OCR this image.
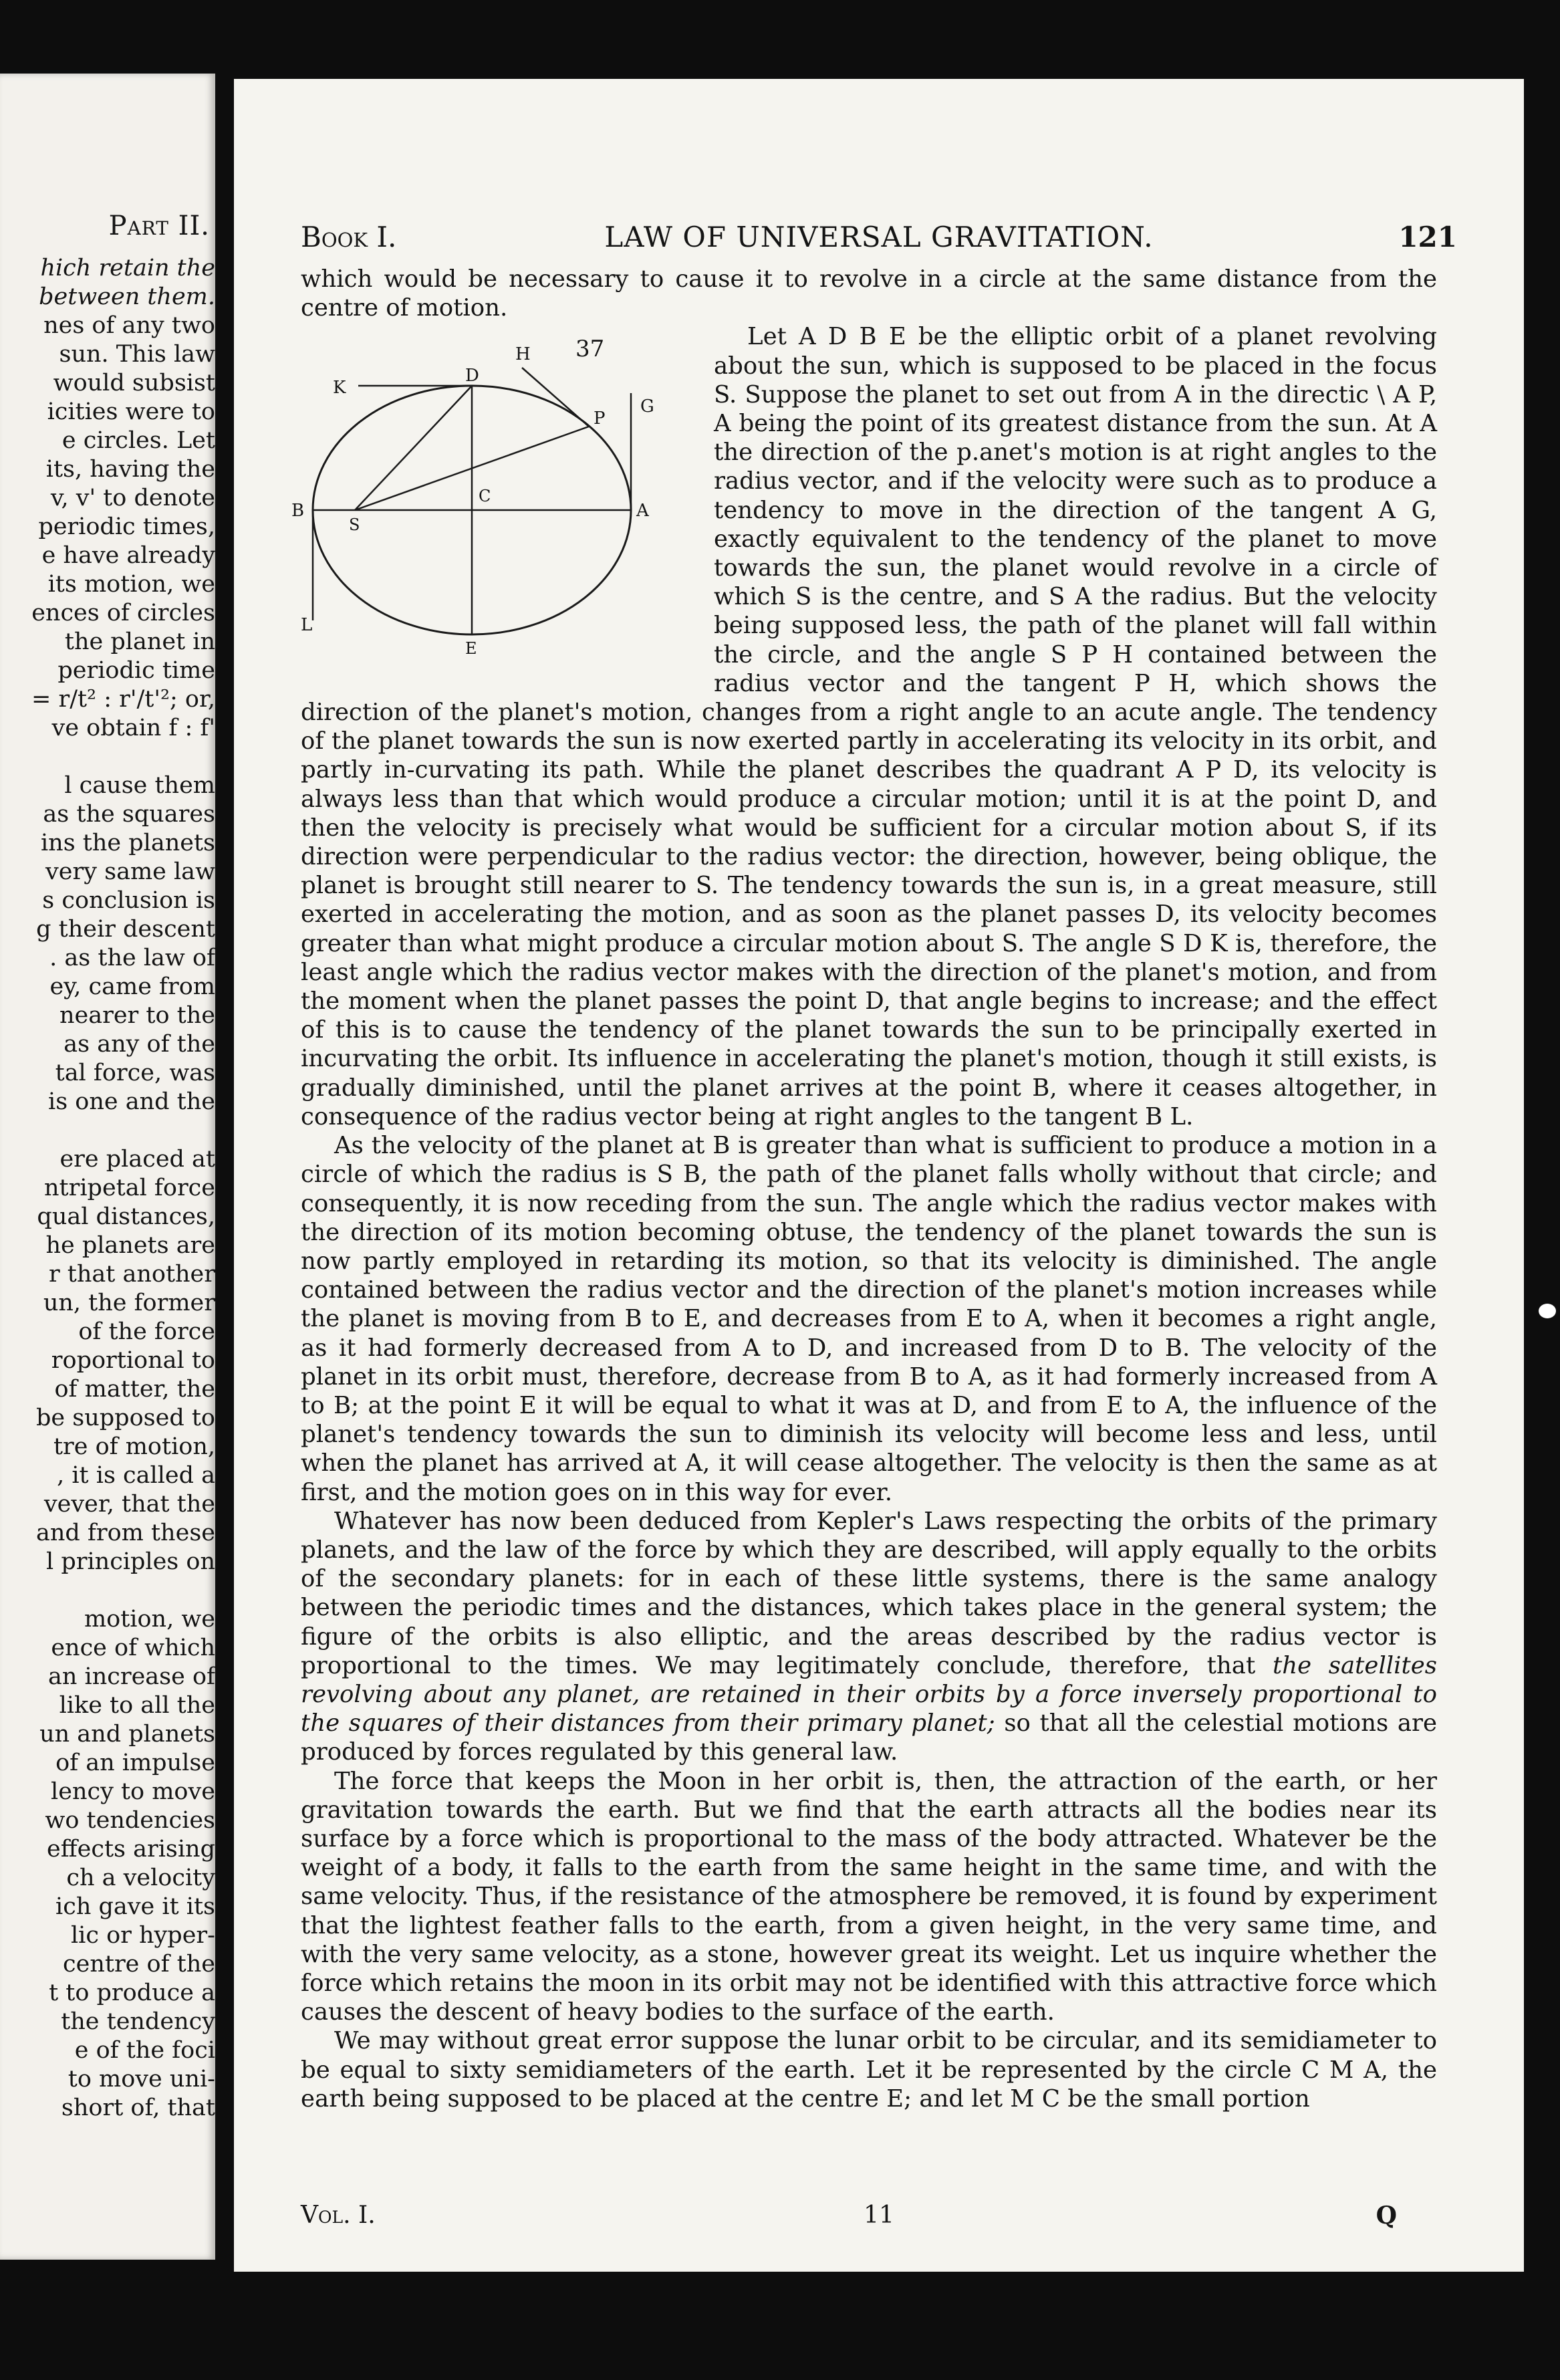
Part II.
hich retain the
between them.
nes of any two
sun. This law
would subsist
icities were to
e circles. Let
its, having the
v, v' to denote
periodic times,
e have already
its motion, we
ences of circles
the planet in
periodic time
= r/t² : r'/t'²; or,
ve obtain f : f'
l cause them
as the squares
ins the planets
very same law
s conclusion is
g their descent
. as the law of
ey, came from
nearer to the
as any of the
tal force, was
is one and the
ere placed at
ntripetal force
qual distances,
he planets are
r that another
un, the former
of the force
roportional to
of matter, the
be supposed to
tre of motion,
, it is called a
vever, that the
and from these
l principles on
motion, we
ence of which
an increase of
like to all the
un and planets
of an impulse
lency to move
wo tendencies
effects arising
ch a velocity
ich gave it its
lic or hyper-
centre of the
t to produce a
the tendency
e of the foci
to move uni-
short of, that
Book I.	LAW OF UNIVERSAL GRAVITATION.	121

which would be necessary to cause it to revolve in a circle at the same distance from the centre of motion.

37
H
K
D
P
G
B
S
C
A
L
E
Let A D B E be the elliptic orbit of a planet revolving about the sun, which is supposed to be placed in the focus S. Suppose the planet to set out from A in the directic \ A P, A being the point of its greatest distance from the sun. At A the direction of the p.anet's motion is at right angles to the radius vector, and if the velocity were such as to produce a tendency to move in the direction of the tangent A G, exactly equivalent to the tendency of the planet to move towards the sun, the planet would revolve in a circle of which S is the centre, and S A the radius. But the velocity being supposed less, the path of the planet will fall within the circle, and the angle S P H contained between the radius vector and the tangent P H, which shows the direction of the planet's motion, changes from a right angle to an acute angle. The tendency of the planet towards the sun is now exerted partly in accelerating its velocity in its orbit, and partly in-curvating its path. While the planet describes the quadrant A P D, its velocity is always less than that which would produce a circular motion; until it is at the point D, and then the velocity is precisely what would be sufficient for a circular motion about S, if its direction were perpendicular to the radius vector: the direction, however, being oblique, the planet is brought still nearer to S. The tendency towards the sun is, in a great measure, still exerted in accelerating the motion, and as soon as the planet passes D, its velocity becomes greater than what might produce a circular motion about S. The angle S D K is, therefore, the least angle which the radius vector makes with the direction of the planet's motion, and from the moment when the planet passes the point D, that angle begins to increase; and the effect of this is to cause the tendency of the planet towards the sun to be principally exerted in incurvating the orbit. Its influence in accelerating the planet's motion, though it still exists, is gradually diminished, until the planet arrives at the point B, where it ceases altogether, in consequence of the radius vector being at right angles to the tangent B L.

As the velocity of the planet at B is greater than what is sufficient to produce a motion in a circle of which the radius is S B, the path of the planet falls wholly without that circle; and consequently, it is now receding from the sun. The angle which the radius vector makes with the direction of its motion becoming obtuse, the tendency of the planet towards the sun is now partly employed in retarding its motion, so that its velocity is diminished. The angle contained between the radius vector and the direction of the planet's motion increases while the planet is moving from B to E, and decreases from E to A, when it becomes a right angle, as it had formerly decreased from A to D, and increased from D to B. The velocity of the planet in its orbit must, therefore, decrease from B to A, as it had formerly increased from A to B; at the point E it will be equal to what it was at D, and from E to A, the influence of the planet's tendency towards the sun to diminish its velocity will become less and less, until when the planet has arrived at A, it will cease altogether. The velocity is then the same as at first, and the motion goes on in this way for ever.

Whatever has now been deduced from Kepler's Laws respecting the orbits of the primary planets, and the law of the force by which they are described, will apply equally to the orbits of the secondary planets: for in each of these little systems, there is the same analogy between the periodic times and the distances, which takes place in the general system; the figure of the orbits is also elliptic, and the areas described by the radius vector is proportional to the times. We may legitimately conclude, therefore, that the satellites revolving about any planet, are retained in their orbits by a force inversely proportional to the squares of their distances from their primary planet; so that all the celestial motions are produced by forces regulated by this general law.

The force that keeps the Moon in her orbit is, then, the attraction of the earth, or her gravitation towards the earth. But we find that the earth attracts all the bodies near its surface by a force which is proportional to the mass of the body attracted. Whatever be the weight of a body, it falls to the earth from the same height in the same time, and with the same velocity. Thus, if the resistance of the atmosphere be removed, it is found by experiment that the lightest feather falls to the earth, from a given height, in the very same time, and with the very same velocity, as a stone, however great its weight. Let us inquire whether the force which retains the moon in its orbit may not be identified with this attractive force which causes the descent of heavy bodies to the surface of the earth.

We may without great error suppose the lunar orbit to be circular, and its semidiameter to be equal to sixty semidiameters of the earth. Let it be represented by the circle C M A, the earth being supposed to be placed at the centre E; and let M C be the small portion

Vol. I.	11	Q
